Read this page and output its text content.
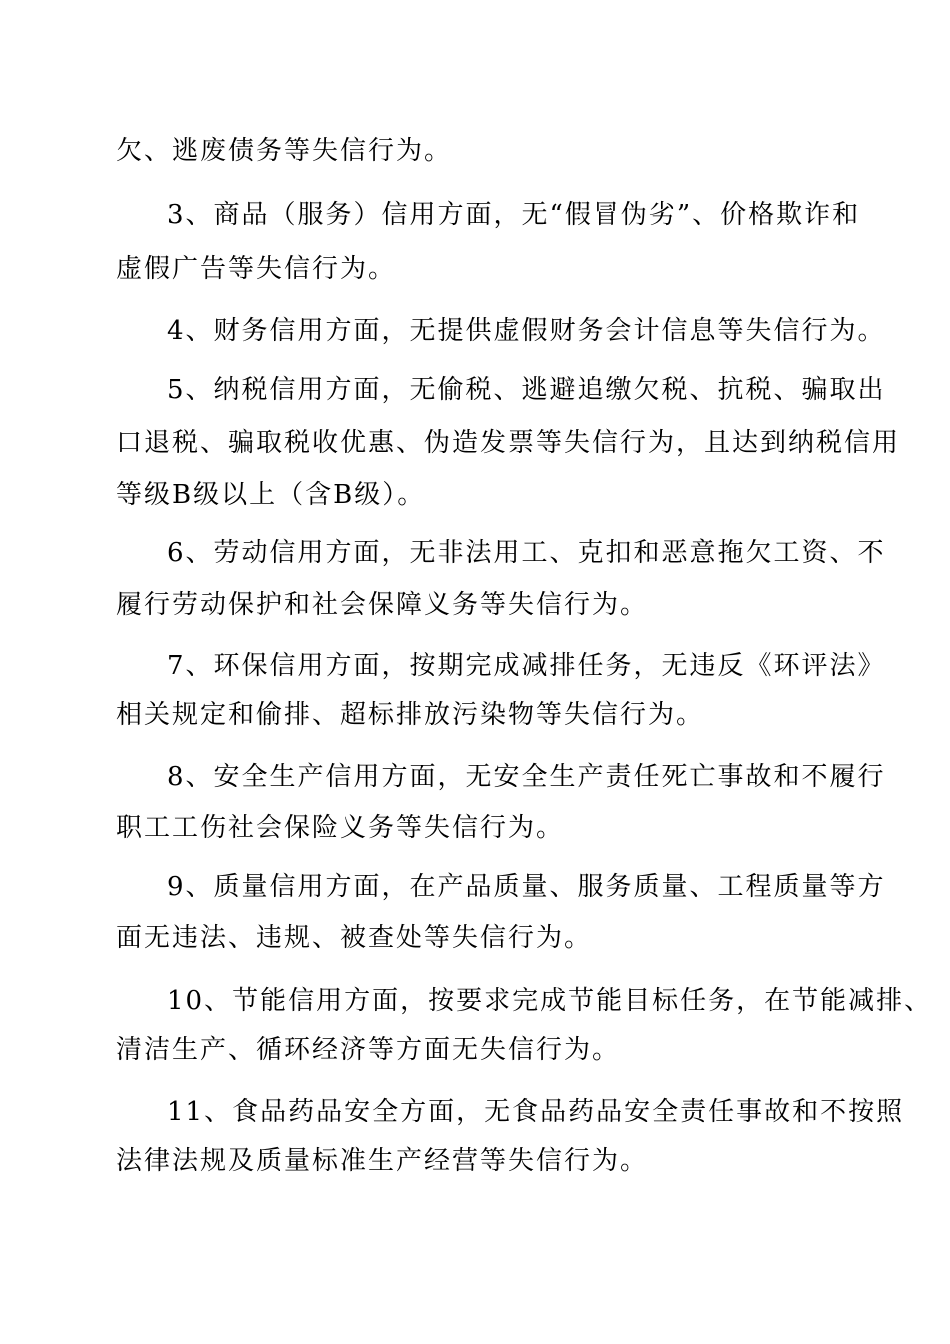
欠、逃废债务等失信行为。
3、商品（服务）信用方面，无“假冒伪劣”、价格欺诈和
虚假广告等失信行为。
4、财务信用方面，无提供虚假财务会计信息等失信行为。
5、纳税信用方面，无偷税、逃避追缴欠税、抗税、骗取出
口退税、骗取税收优惠、伪造发票等失信行为，且达到纳税信用
等级B级以上（含B级）。
6、劳动信用方面，无非法用工、克扣和恶意拖欠工资、不
履行劳动保护和社会保障义务等失信行为。
7、环保信用方面，按期完成减排任务，无违反《环评法》
相关规定和偷排、超标排放污染物等失信行为。
8、安全生产信用方面，无安全生产责任死亡事故和不履行
职工工伤社会保险义务等失信行为。
9、质量信用方面，在产品质量、服务质量、工程质量等方
面无违法、违规、被查处等失信行为。
10、节能信用方面，按要求完成节能目标任务，在节能减排、
清洁生产、循环经济等方面无失信行为。
11、食品药品安全方面，无食品药品安全责任事故和不按照
法律法规及质量标准生产经营等失信行为。
